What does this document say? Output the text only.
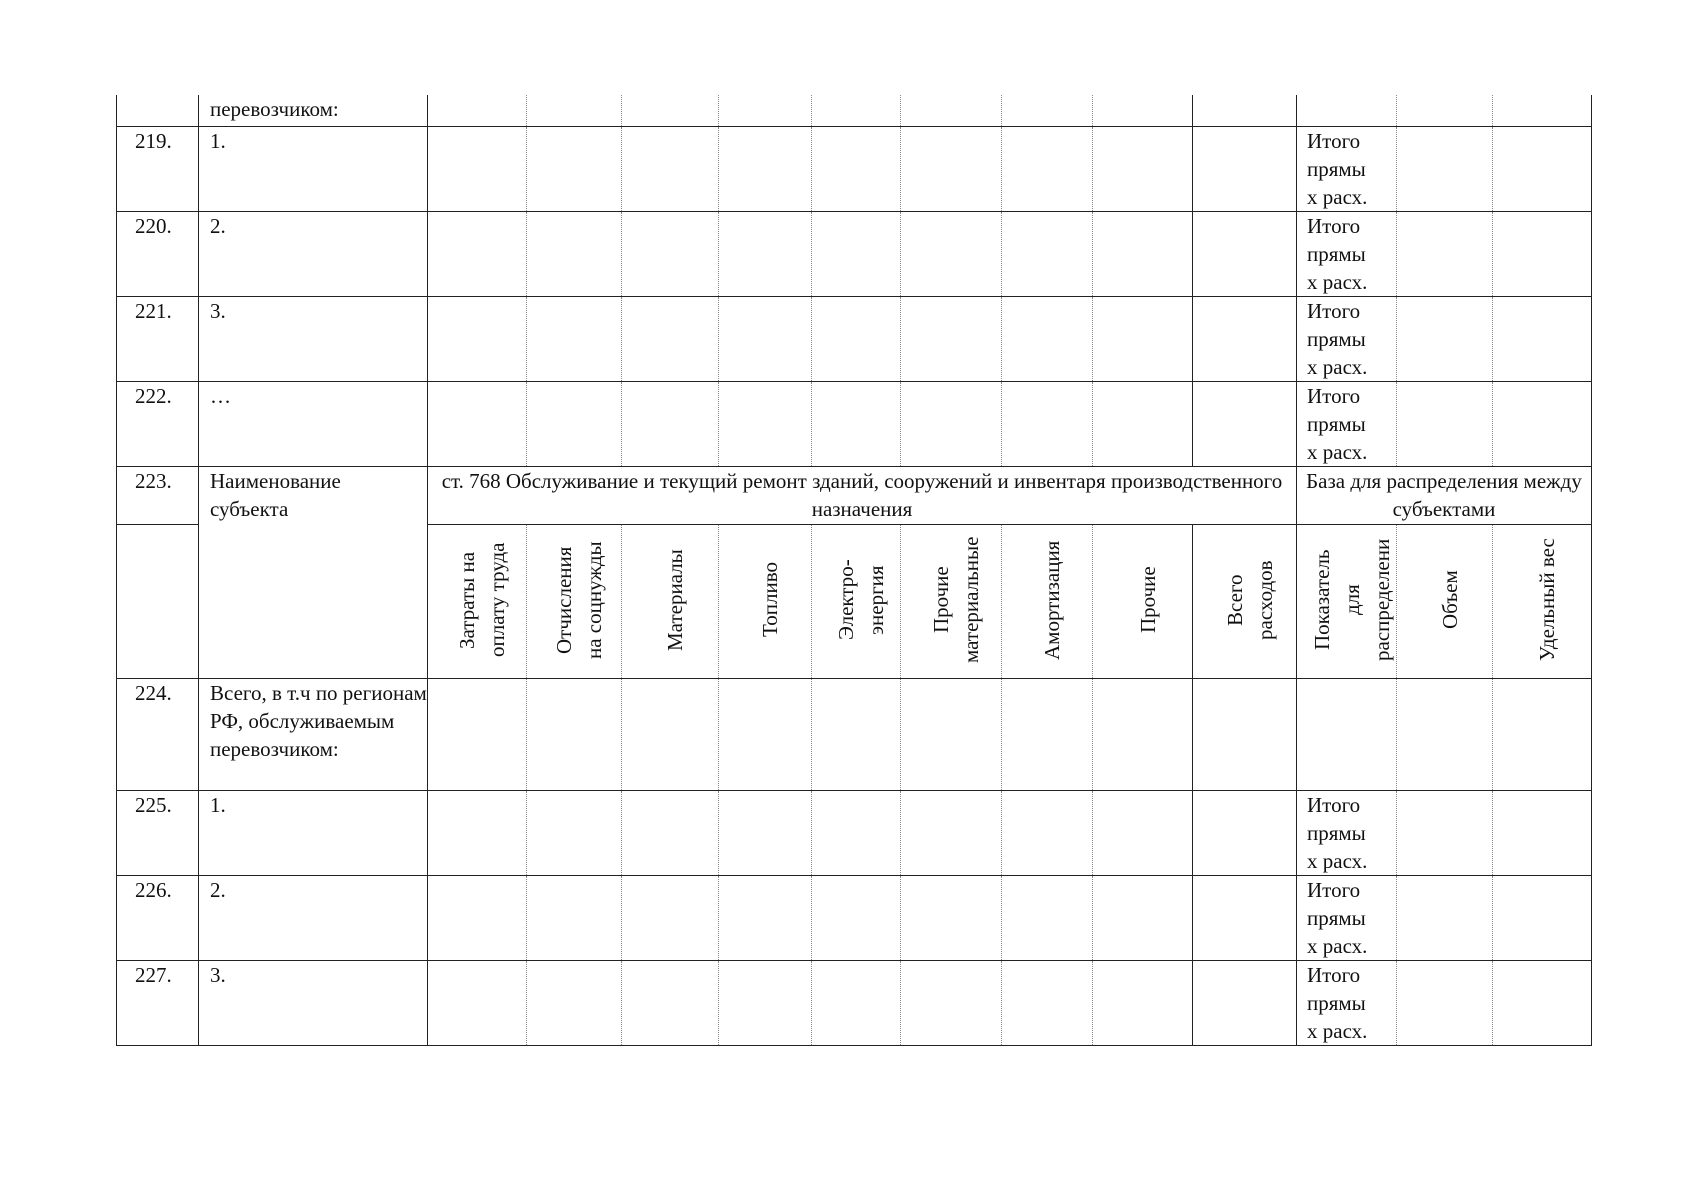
	перевозчиком:												
219.	1.										Итого
прямы
х расх.		

220.	2.										Итого
прямы
х расх.		

221.	3.										Итого
прямы
х расх.		

222.	…										Итого
прямы
х расх.		

223.	Наименование
субъекта	ст. 768 Обслуживание и текущий ремонт зданий, сооружений и инвентаря производственного назначения									База для распределения между субъектами		

		Затраты на
оплату труда	Отчисления
на соцнужды	Материалы	Топливо	Электро-
энергия	Прочие
материальные	Амортизация	Прочие	Всего
расходов	Показатель
для
распределени	Объем	Удельный вес

224.	Всего, в т.ч по регионам РФ, обслуживаемым перевозчиком:												
225.	1.										Итого
прямы
х расх.		

226.	2.										Итого
прямы
х расх.		

227.	3.										Итого
прямы
х расх.		
